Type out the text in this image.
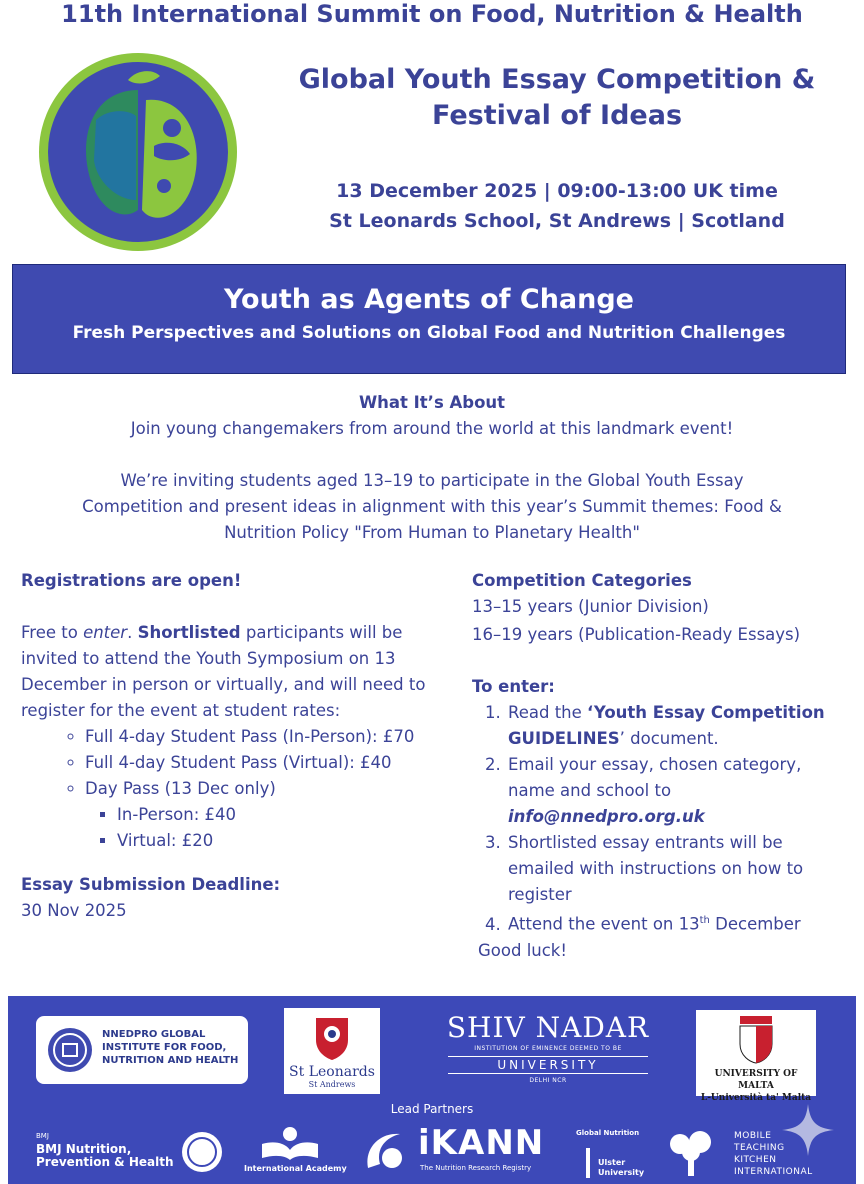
11th International Summit on Food, Nutrition & Health
Global Youth Essay Competition &
Festival of Ideas
13 December 2025 | 09:00-13:00 UK time
St Leonards School, St Andrews | Scotland
Youth as Agents of Change
Fresh Perspectives and Solutions on Global Food and Nutrition Challenges
What It’s About
Join young changemakers from around the world at this landmark event!
We’re inviting students aged 13–19 to participate in the Global Youth Essay
Competition and present ideas in alignment with this year’s Summit themes: Food &
Nutrition Policy "From Human to Planetary Health"
Registrations are open!
Free to enter. Shortlisted participants will be invited to attend the Youth Symposium on 13 December in person or virtually, and will need to register for the event at student rates:
◦ Full 4-day Student Pass (In-Person): £70
◦ Full 4-day Student Pass (Virtual): £40
◦ Day Pass (13 Dec only)
▪ In-Person: £40
▪ Virtual: £20
Essay Submission Deadline:
30 Nov 2025
Competition Categories
13–15 years (Junior Division)
16–19 years (Publication-Ready Essays)
To enter:
1. Read the ‘Youth Essay Competition GUIDELINES’ document.
2. Email your essay, chosen category, name and school to
info@nnedpro.org.uk
3. Shortlisted essay entrants will be emailed with instructions on how to register
4. Attend the event on 13th December
Good luck!
NNEDPRO GLOBAL
INSTITUTE FOR FOOD,
NUTRITION AND HEALTH
St Leonards
St Andrews
SHIV NADAR
INSTITUTION OF EMINENCE DEEMED TO BE
UNIVERSITY
DELHI NCR
UNIVERSITY OF MALTA
L-Università ta' Malta
Lead Partners
BMJ
BMJ Nutrition,
Prevention & Health	International Academy
iKANN
The Nutrition Research Registry
Global Nutrition
Ulster
University
MOBILE
TEACHING
KITCHEN
INTERNATIONAL
